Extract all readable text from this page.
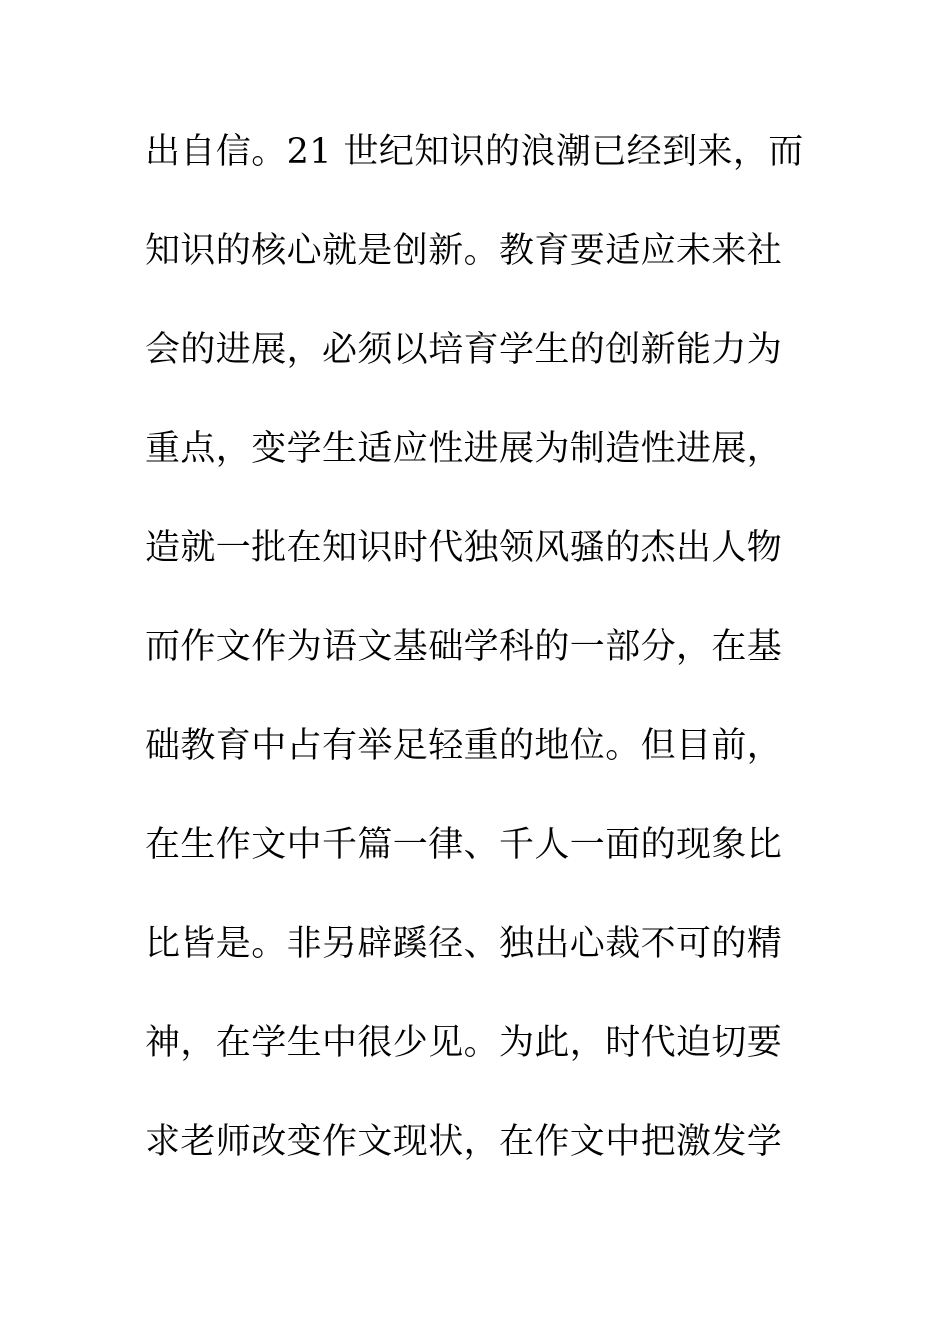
出自信。21 世纪知识的浪潮已经到来，而
知识的核心就是创新。教育要适应未来社
会的进展，必须以培育学生的创新能力为
重点，变学生适应性进展为制造性进展，
造就一批在知识时代独领风骚的杰出人物
而作文作为语文基础学科的一部分，在基
础教育中占有举足轻重的地位。但目前，
在生作文中千篇一律、千人一面的现象比
比皆是。非另辟蹊径、独出心裁不可的精
神，在学生中很少见。为此，时代迫切要
求老师改变作文现状，在作文中把激发学
